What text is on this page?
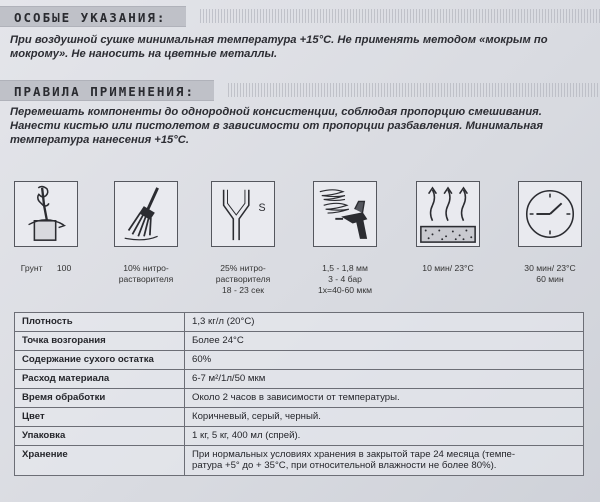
ОСОБЫЕ УКАЗАНИЯ:

При воздушной сушке минимальная температура +15°C. Не применять методом «мокрым по

мокрому». Не наносить на цветные металлы.

ПРАВИЛА ПРИМЕНЕНИЯ:

Перемешать компоненты до однородной консистенции, соблюдая пропорцию смешивания.

Нанести кистью или пистолетом в зависимости от пропорции разбавления. Минимальная

температура нанесения +15°C.

Грунт      100	10% нитро-
растворителя
S
25% нитро-
растворителя
18 - 23 сек
1,5 - 1,8 мм
3 - 4 бар
1х=40-60 мкм
10 мин/ 23°C	30 мин/ 23°C
60 мин
Плотность	1,3 кг/л (20°C)
Точка возгорания	Более 24°C
Содержание сухого остатка	60%
Расход материала	6-7 м²/1л/50 мкм
Время обработки	Около 2 часов в зависимости от температуры.
Цвет	Коричневый, серый, черный.
Упаковка	1 кг, 5 кг, 400 мл (спрей).
Хранение	При нормальных условиях хранения в закрытой таре 24 месяца (темпе-
ратура +5° до + 35°C, при относительной влажности не более 80%).
